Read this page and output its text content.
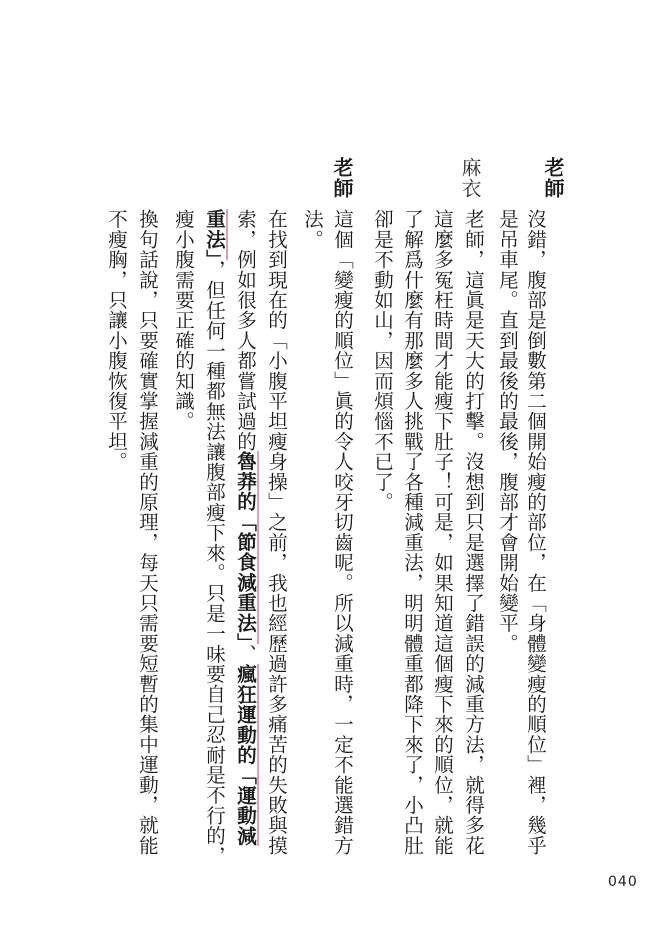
老師
麻衣
老師
沒錯，腹部是倒數第二個開始瘦的部位，在「身體變瘦的順位」裡，幾乎
是吊車尾。直到最後的最後，腹部才會開始變平。
老師，這眞是天大的打擊。沒想到只是選擇了錯誤的減重方法，就得多花
這麼多冤枉時間才能瘦下肚子！可是，如果知道這個瘦下來的順位，就能
了解爲什麼有那麼多人挑戰了各種減重法，明明體重都降下來了，小凸肚
卻是不動如山，因而煩惱不已了。
這個「變瘦的順位」眞的令人咬牙切齒呢。所以減重時，一定不能選錯方
法。
在找到現在的「小腹平坦瘦身操」之前，我也經歷過許多痛苦的失敗與摸
索，例如很多人都嘗試過的魯莽的「節食減重法」、瘋狂運動的「運動減
重法」，但任何一種都無法讓腹部瘦下來。只是一味要自己忍耐是不行的，
瘦小腹需要正確的知識。
換句話說，只要確實掌握減重的原理，每天只需要短暫的集中運動，就能
不瘦胸，只讓小腹恢復平坦。
040
